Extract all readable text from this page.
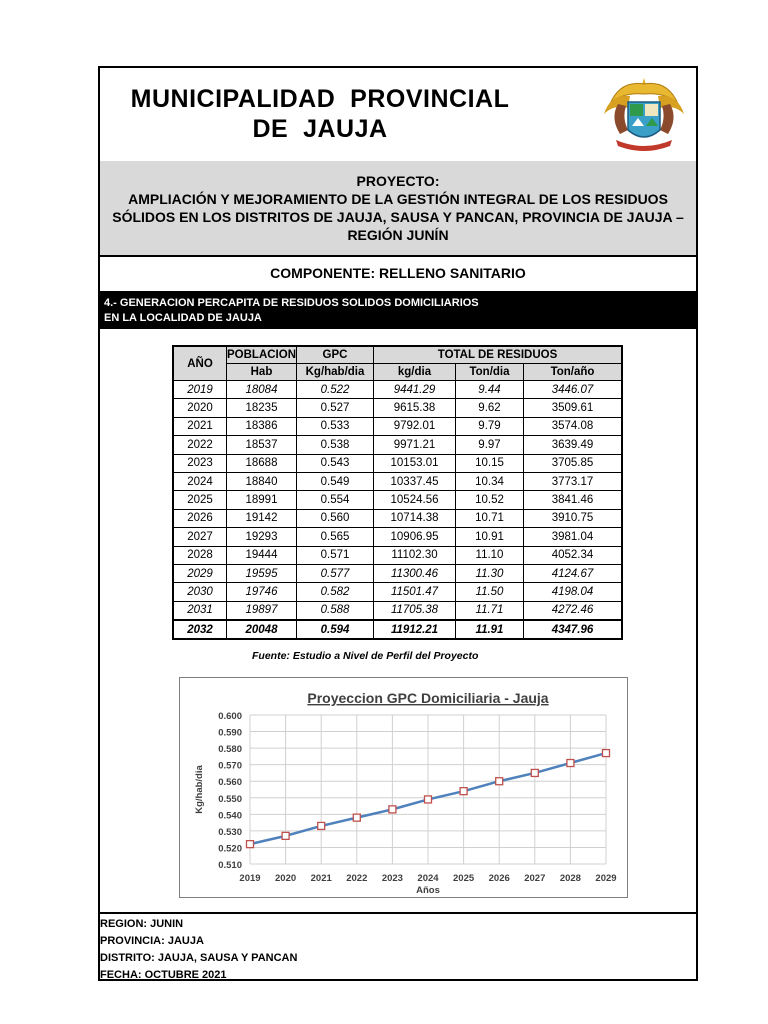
MUNICIPALIDAD  PROVINCIAL
DE  JAUJA
PROYECTO:
AMPLIACIÓN Y MEJORAMIENTO DE LA GESTIÓN INTEGRAL DE LOS RESIDUOS SÓLIDOS EN LOS DISTRITOS DE JAUJA, SAUSA Y PANCAN, PROVINCIA DE JAUJA – REGIÓN JUNÍN
COMPONENTE: RELLENO SANITARIO
4.- GENERACION PERCAPITA DE RESIDUOS SOLIDOS DOMICILIARIOS
EN LA LOCALIDAD DE JAUJA
AÑO	POBLACION	GPC	TOTAL DE RESIDUOS		
	Hab	Kg/hab/dia	kg/dia	Ton/dia	Ton/año
2019	18084	0.522	9441.29	9.44	3446.07
2020	18235	0.527	9615.38	9.62	3509.61
2021	18386	0.533	9792.01	9.79	3574.08
2022	18537	0.538	9971.21	9.97	3639.49
2023	18688	0.543	10153.01	10.15	3705.85
2024	18840	0.549	10337.45	10.34	3773.17
2025	18991	0.554	10524.56	10.52	3841.46
2026	19142	0.560	10714.38	10.71	3910.75
2027	19293	0.565	10906.95	10.91	3981.04
2028	19444	0.571	11102.30	11.10	4052.34
2029	19595	0.577	11300.46	11.30	4124.67
2030	19746	0.582	11501.47	11.50	4198.04
2031	19897	0.588	11705.38	11.71	4272.46
2032	20048	0.594	11912.21	11.91	4347.96
Fuente: Estudio a Nivel de Perfil del Proyecto
0.510
0.520
0.530
0.540
0.550
0.560
0.570
0.580
0.590
0.600
2019 2020 2021 2022 2023 2024 2025 2026 2027 2028 2029
Proyeccion GPC Domiciliaria - Jauja
Años
Kg/hab/dia
REGION: JUNIN
PROVINCIA: JAUJA
DISTRITO: JAUJA, SAUSA Y PANCAN
FECHA: OCTUBRE 2021
